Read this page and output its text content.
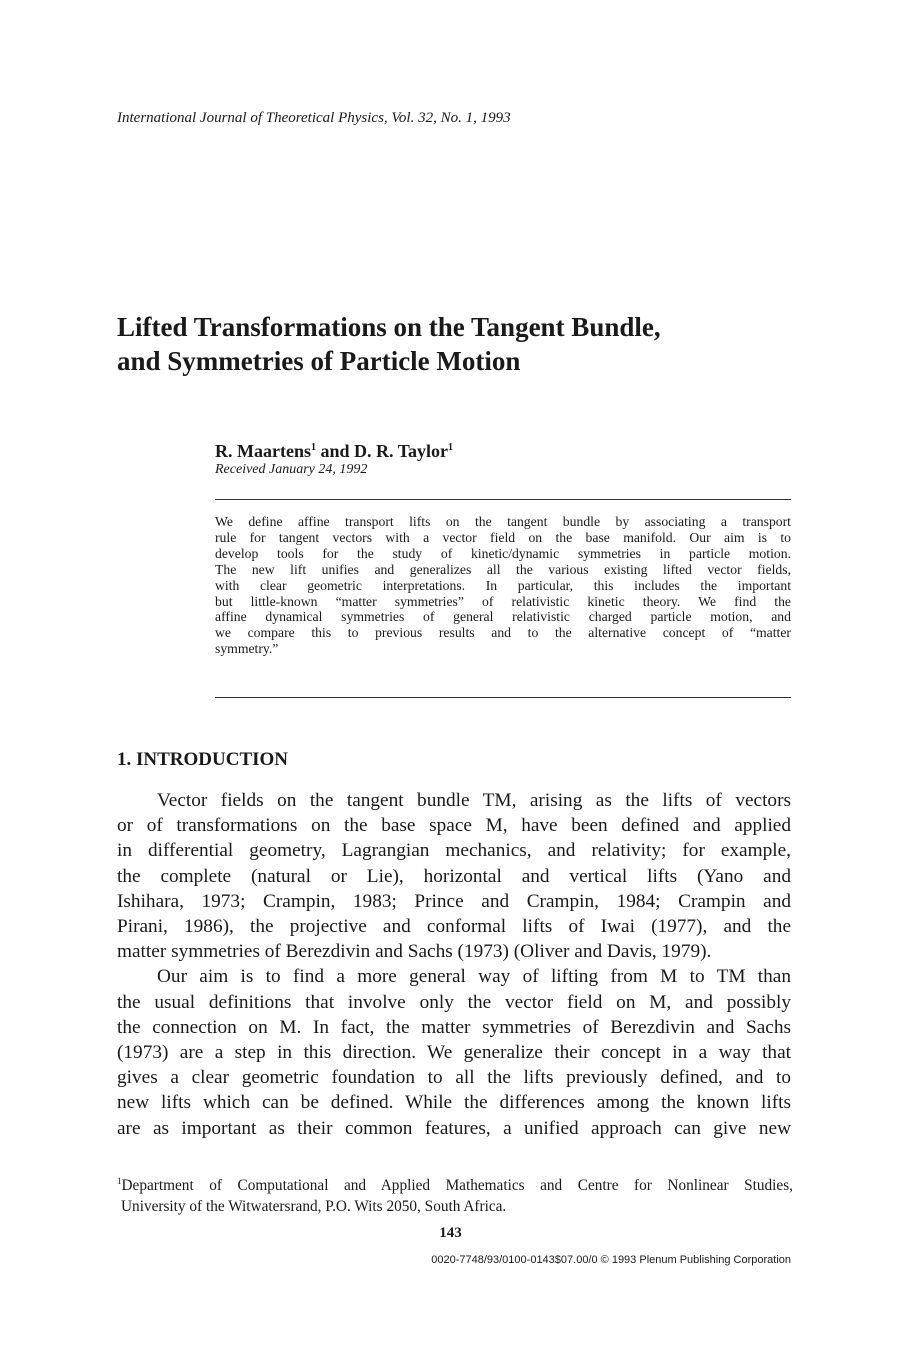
International Journal of Theoretical Physics, Vol. 32, No. 1, 1993
Lifted Transformations on the Tangent Bundle,
and Symmetries of Particle Motion
R. Maartens$^1$ and D. R. Taylor$^1$
Received January 24, 1992
We define affine transport lifts on the tangent bundle by associating a transport
rule for tangent vectors with a vector field on the base manifold. Our aim is to
develop tools for the study of kinetic/dynamic symmetries in particle motion.
The new lift unifies and generalizes all the various existing lifted vector fields,
with clear geometric interpretations. In particular, this includes the important
but little-known “matter symmetries” of relativistic kinetic theory. We find the
affine dynamical symmetries of general relativistic charged particle motion, and
we compare this to previous results and to the alternative concept of “matter
symmetry.”
1. INTRODUCTION
Vector fields on the tangent bundle TM, arising as the lifts of vectors
or of transformations on the base space M, have been defined and applied
in differential geometry, Lagrangian mechanics, and relativity; for example,
the complete (natural or Lie), horizontal and vertical lifts (Yano and
Ishihara, 1973; Crampin, 1983; Prince and Crampin, 1984; Crampin and
Pirani, 1986), the projective and conformal lifts of Iwai (1977), and the
matter symmetries of Berezdivin and Sachs (1973) (Oliver and Davis, 1979).
Our aim is to find a more general way of lifting from M to TM than
the usual definitions that involve only the vector field on M, and possibly
the connection on M. In fact, the matter symmetries of Berezdivin and Sachs
(1973) are a step in this direction. We generalize their concept in a way that
gives a clear geometric foundation to all the lifts previously defined, and to
new lifts which can be defined. While the differences among the known lifts
are as important as their common features, a unified approach can give new
$^1$Department of Computational and Applied Mathematics and Centre for Nonlinear Studies,
University of the Witwatersrand, P.O. Wits 2050, South Africa.
143
0020-7748/93/0100-0143$07.00/0 © 1993 Plenum Publishing Corporation
